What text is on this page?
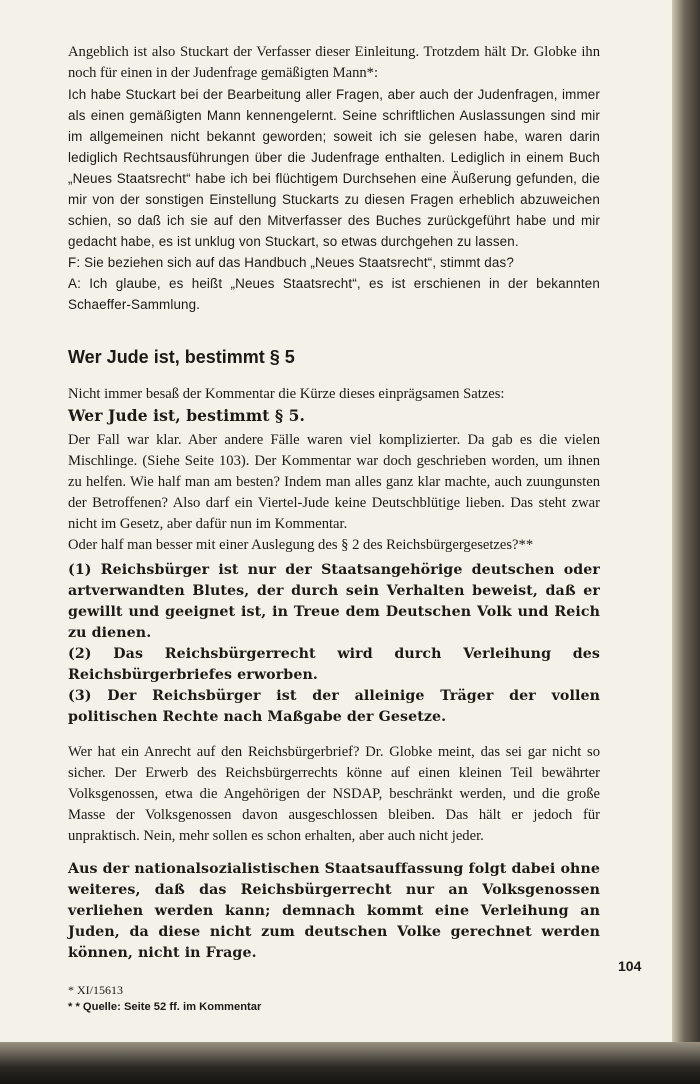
Angeblich ist also Stuckart der Verfasser dieser Einleitung. Trotzdem hält Dr. Globke ihn noch für einen in der Judenfrage gemäßigten Mann*:

Ich habe Stuckart bei der Bearbeitung aller Fragen, aber auch der Judenfragen, immer als einen gemäßigten Mann kennengelernt. Seine schriftlichen Auslassungen sind mir im allgemeinen nicht bekannt geworden; soweit ich sie gelesen habe, waren darin lediglich Rechtsausführungen über die Judenfrage enthalten. Lediglich in einem Buch „Neues Staatsrecht“ habe ich bei flüchtigem Durchsehen eine Äußerung gefunden, die mir von der sonstigen Einstellung Stuckarts zu diesen Fragen erheblich abzuweichen schien, so daß ich sie auf den Mitverfasser des Buches zurückgeführt habe und mir gedacht habe, es ist unklug von Stuckart, so etwas durchgehen zu lassen.

F: Sie beziehen sich auf das Handbuch „Neues Staatsrecht“, stimmt das?

A: Ich glaube, es heißt „Neues Staatsrecht“, es ist erschienen in der bekannten Schaeffer-Sammlung.

Wer Jude ist, bestimmt § 5

Nicht immer besaß der Kommentar die Kürze dieses einprägsamen Satzes:

Wer Jude ist, bestimmt § 5.

Der Fall war klar. Aber andere Fälle waren viel komplizierter. Da gab es die vielen Mischlinge. (Siehe Seite 103). Der Kommentar war doch geschrieben worden, um ihnen zu helfen. Wie half man am besten? Indem man alles ganz klar machte, auch zuungunsten der Betroffenen? Also darf ein Viertel-Jude keine Deutschblütige lieben. Das steht zwar nicht im Gesetz, aber dafür nun im Kommentar.

Oder half man besser mit einer Auslegung des § 2 des Reichsbürgergesetzes?**

(1) Reichsbürger ist nur der Staatsangehörige deutschen oder artverwandten Blutes, der durch sein Verhalten beweist, daß er gewillt und geeignet ist, in Treue dem Deutschen Volk und Reich zu dienen.

(2) Das Reichsbürgerrecht wird durch Verleihung des Reichsbürgerbriefes erworben.

(3) Der Reichsbürger ist der alleinige Träger der vollen politischen Rechte nach Maßgabe der Gesetze.

Wer hat ein Anrecht auf den Reichsbürgerbrief? Dr. Globke meint, das sei gar nicht so sicher. Der Erwerb des Reichsbürgerrechts könne auf einen kleinen Teil bewährter Volksgenossen, etwa die Angehörigen der NSDAP, beschränkt werden, und die große Masse der Volksgenossen davon ausgeschlossen bleiben. Das hält er jedoch für unpraktisch. Nein, mehr sollen es schon erhalten, aber auch nicht jeder.

Aus der nationalsozialistischen Staatsauffassung folgt dabei ohne weiteres, daß das Reichsbürgerrecht nur an Volksgenossen verliehen werden kann; demnach kommt eine Verleihung an Juden, da diese nicht zum deutschen Volke gerechnet werden können, nicht in Frage.

* XI/15613

* * Quelle: Seite 52 ff. im Kommentar

104
